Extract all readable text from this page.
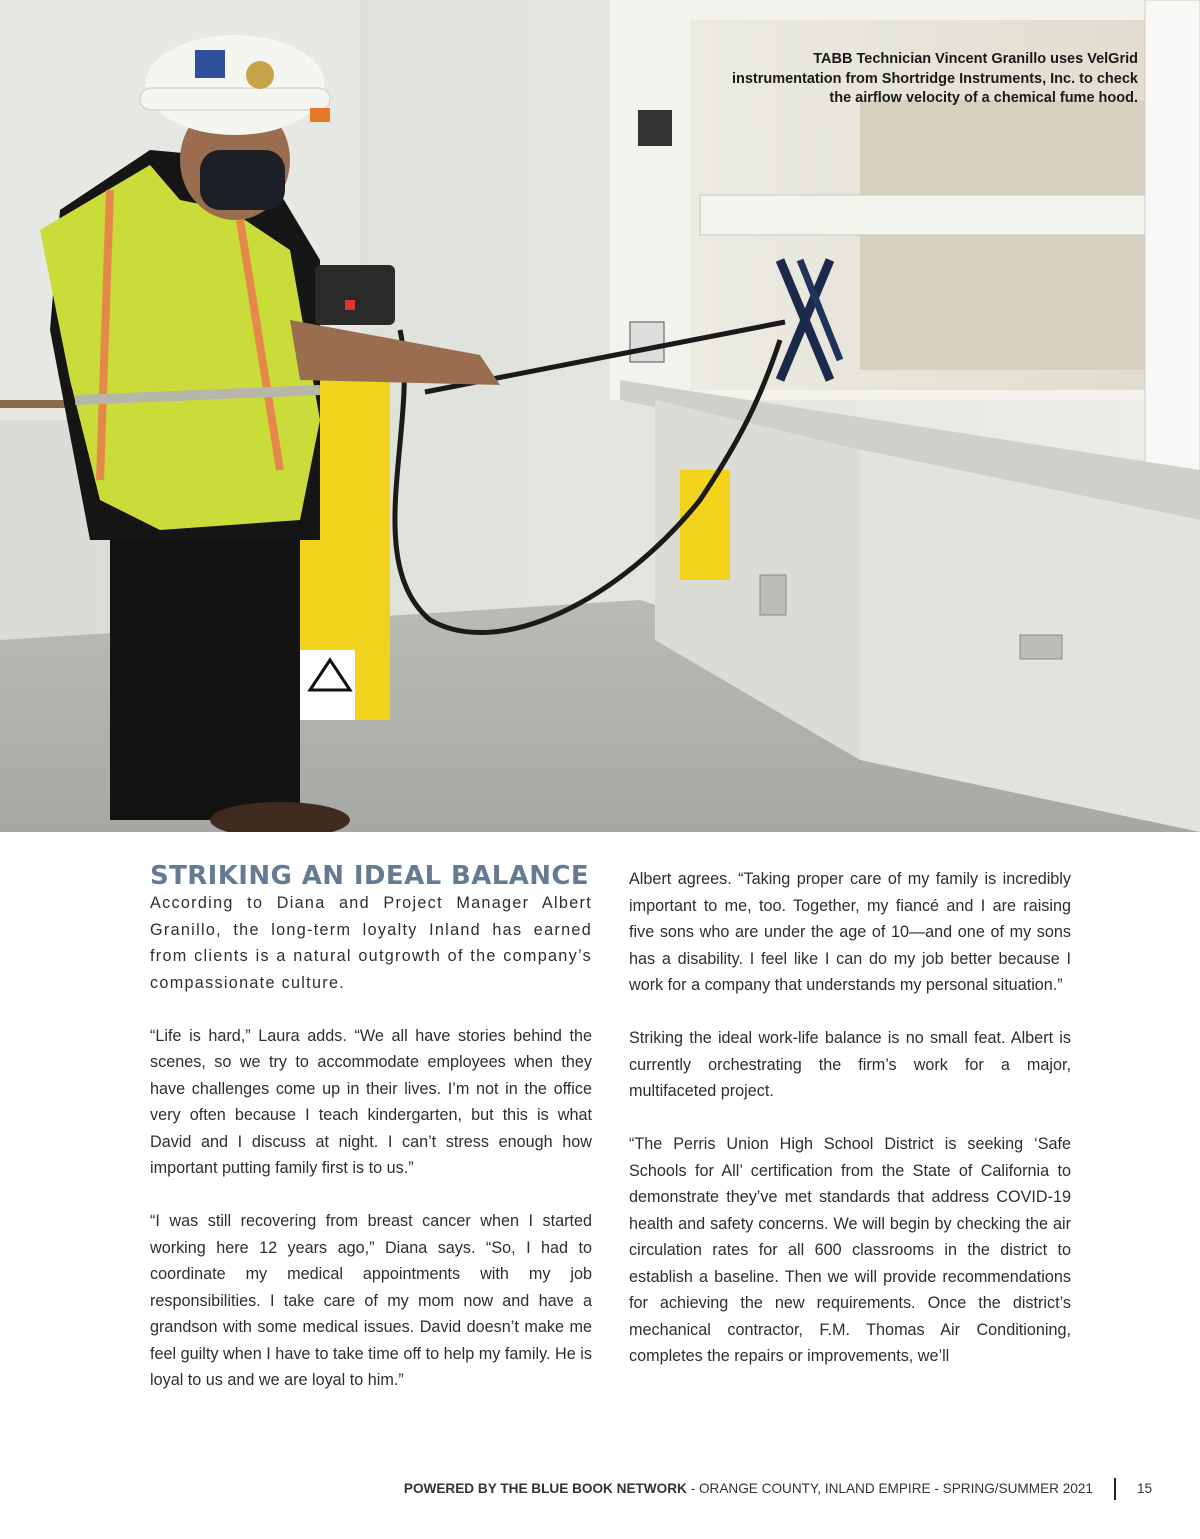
TABB Technician Vincent Granillo uses VelGrid instrumentation from Shortridge Instruments, Inc. to check the airflow velocity of a chemical fume hood.
STRIKING AN IDEAL BALANCE

According to Diana and Project Manager Albert Granillo, the long-term loyalty Inland has earned from clients is a natural outgrowth of the company’s compassionate culture.

“Life is hard,” Laura adds. “We all have stories behind the scenes, so we try to accommodate employees when they have challenges come up in their lives. I’m not in the office very often because I teach kindergarten, but this is what David and I discuss at night. I can’t stress enough how important putting family first is to us.”

“I was still recovering from breast cancer when I started working here 12 years ago,” Diana says. “So, I had to coordinate my medical appointments with my job responsibilities. I take care of my mom now and have a grandson with some medical issues. David doesn’t make me feel guilty when I have to take time off to help my family. He is loyal to us and we are loyal to him.”

Albert agrees. “Taking proper care of my family is incredibly important to me, too. Together, my fiancé and I are raising five sons who are under the age of 10—and one of my sons has a disability. I feel like I can do my job better because I work for a company that understands my personal situation.”

Striking the ideal work-life balance is no small feat. Albert is currently orchestrating the firm’s work for a major, multifaceted project.

“The Perris Union High School District is seeking ‘Safe Schools for All’ certification from the State of California to demonstrate they’ve met standards that address COVID-19 health and safety concerns. We will begin by checking the air circulation rates for all 600 classrooms in the district to establish a baseline. Then we will provide recommendations for achieving the new requirements. Once the district’s mechanical contractor, F.M. Thomas Air Conditioning, completes the repairs or improvements, we’ll

POWERED BY THE BLUE BOOK NETWORK - ORANGE COUNTY, INLAND EMPIRE - SPRING/SUMMER 2021	15
